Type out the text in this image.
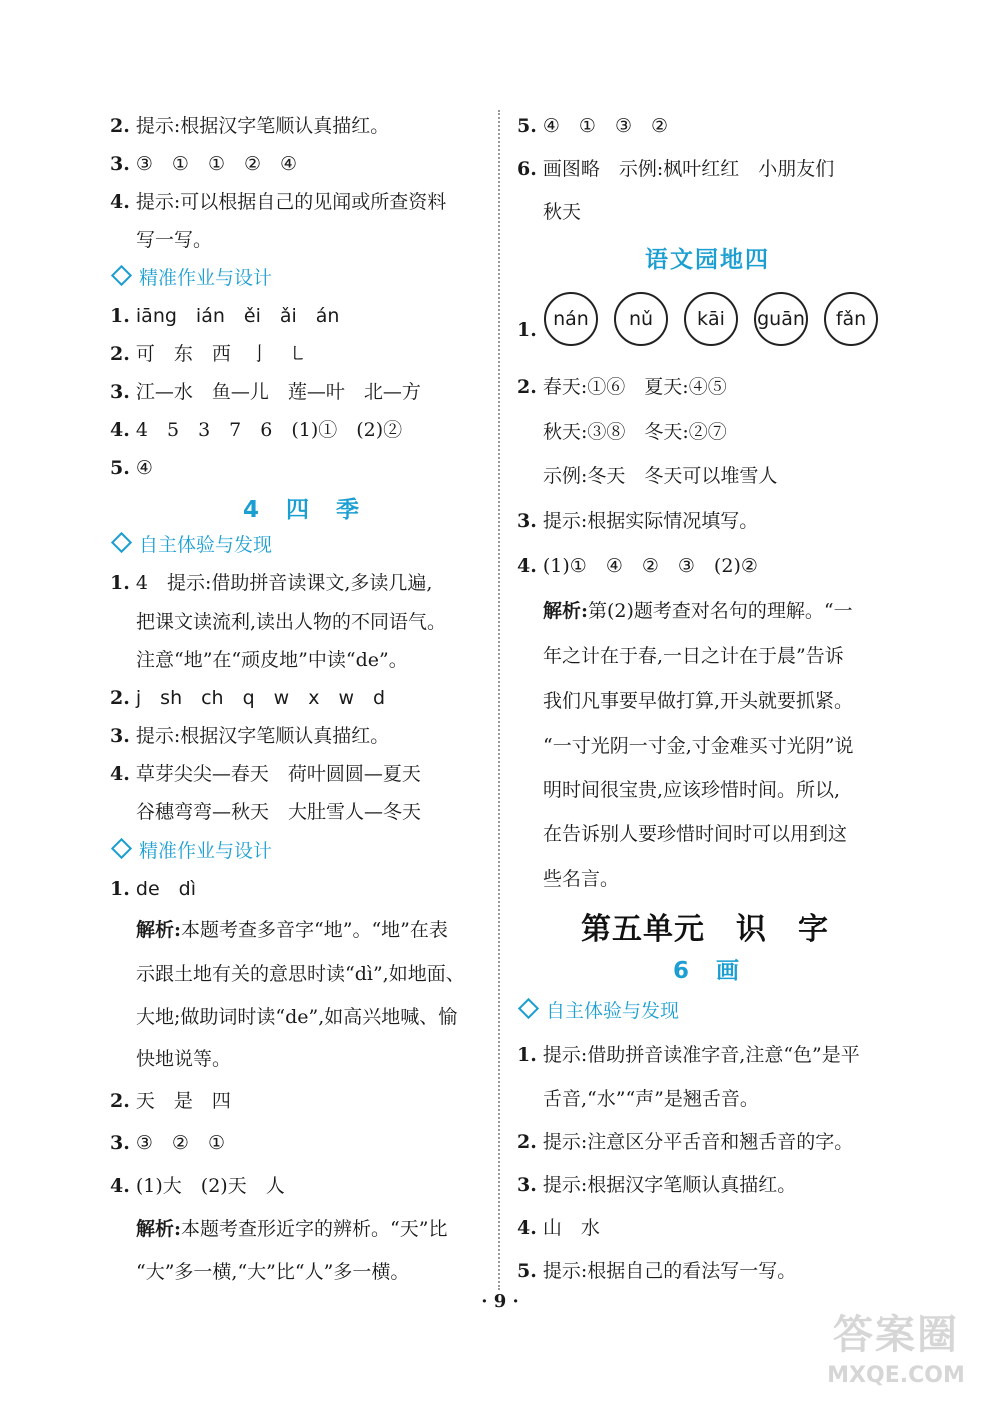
2. 提示:根据汉字笔顺认真描红。
3. ③　①　①　②　④
4. 提示:可以根据自己的见闻或所查资料
写一写。
精准作业与设计
1. iāng　ián　ěi　ǎi　án
2. 可　东　西　亅　㇄
3. 江—水　鱼—儿　莲—叶　北—方
4. 4　5　3　7　6　(1)①　(2)②
5. ④
4　四　季
自主体验与发现
1. 4　提示:借助拼音读课文,多读几遍,
把课文读流利,读出人物的不同语气。
注意“地”在“顽皮地”中读“de”。
2. j　sh　ch　q　w　x　w　d
3. 提示:根据汉字笔顺认真描红。
4. 草芽尖尖—春天　荷叶圆圆—夏天
谷穗弯弯—秋天　大肚雪人—冬天
精准作业与设计
1. de　dì
解析:本题考查多音字“地”。“地”在表
示跟土地有关的意思时读“dì”,如地面、
大地;做助词时读“de”,如高兴地喊、愉
快地说等。
2. 天　是　四
3. ③　②　①
4. (1)大　(2)天　人
解析:本题考查形近字的辨析。“天”比
“大”多一横,“大”比“人”多一横。
5. ④　①　③　②
6. 画图略　示例:枫叶红红　小朋友们
秋天
语文园地四
1. nán	nǔ	kāi	guān	fǎn
2. 春天:①⑥　夏天:④⑤
秋天:③⑧　冬天:②⑦
示例:冬天　冬天可以堆雪人
3. 提示:根据实际情况填写。
4. (1)①　④　②　③　(2)②
解析:第(2)题考查对名句的理解。“一
年之计在于春,一日之计在于晨”告诉
我们凡事要早做打算,开头就要抓紧。
“一寸光阴一寸金,寸金难买寸光阴”说
明时间很宝贵,应该珍惜时间。所以,
在告诉别人要珍惜时间时可以用到这
些名言。
第五单元　识　字
6　画
自主体验与发现
1. 提示:借助拼音读准字音,注意“色”是平
舌音,“水”“声”是翘舌音。
2. 提示:注意区分平舌音和翘舌音的字。
3. 提示:根据汉字笔顺认真描红。
4. 山　水
5. 提示:根据自己的看法写一写。
· 9 ·
答案圈
MXQE.COM
